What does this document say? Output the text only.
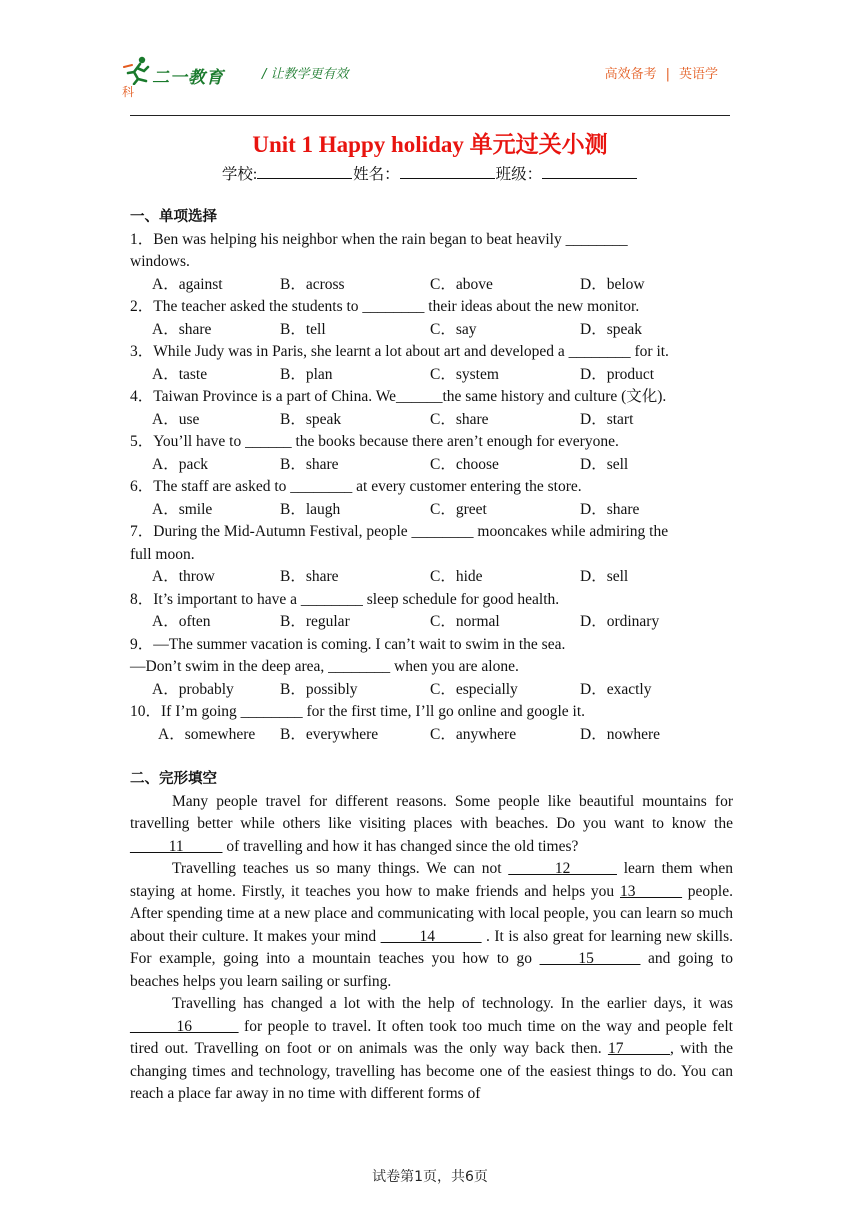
二一教育
科
/ 让教学更有效	高效备考 | 英语学
Unit 1 Happy holiday 单元过关小测
学校:	姓名：	班级：

一、单项选择

1．Ben was helping his neighbor when the rain began to beat heavily ________

windows.

A．against	B．across	C．above	D．below

2．The teacher asked the students to ________ their ideas about the new monitor.

A．share	B．tell	C．say	D．speak

3．While Judy was in Paris, she learnt a lot about art and developed a ________ for it.

A．taste	B．plan	C．system	D．product

4．Taiwan Province is a part of China. We______the same history and culture (文化).

A．use	B．speak	C．share	D．start

5．You’ll have to ______ the books because there aren’t enough for everyone.

A．pack	B．share	C．choose	D．sell

6．The staff are asked to ________ at every customer entering the store.

A．smile	B．laugh	C．greet	D．share

7．During the Mid-Autumn Festival, people ________ mooncakes while admiring the

full moon.

A．throw	B．share	C．hide	D．sell

8．It’s important to have a ________ sleep schedule for good health.

A．often	B．regular	C．normal	D．ordinary

9．—The summer vacation is coming. I can’t wait to swim in the sea.

—Don’t swim in the deep area, ________ when you are alone.

A．probably	B．possibly	C．especially	D．exactly

10．If I’m going ________ for the first time, I’ll go online and google it.

A．somewhere	B．everywhere	C．anywhere	D．nowhere

二、完形填空

Many people travel for different reasons. Some people like beautiful mountains for travelling better while others like visiting places with beaches. Do you want to know the _____11_____ of travelling and how it has changed since the old times?

Travelling teaches us so many things. We can not ______12______ learn them when staying at home. Firstly, it teaches you how to make friends and helps you 13______ people. After spending time at a new place and communicating with local people, you can learn so much about their culture. It makes your mind _____14______ . It is also great for learning new skills. For example, going into a mountain teaches you how to go _____15______ and going to beaches helps you learn sailing or surfing.

Travelling has changed a lot with the help of technology. In the earlier days, it was ______16______ for people to travel. It often took too much time on the way and people felt tired out. Travelling on foot or on animals was the only way back then. 17______, with the changing times and technology, travelling has become one of the easiest things to do. You can reach a place far away in no time with different forms of

试卷第1页，共6页
